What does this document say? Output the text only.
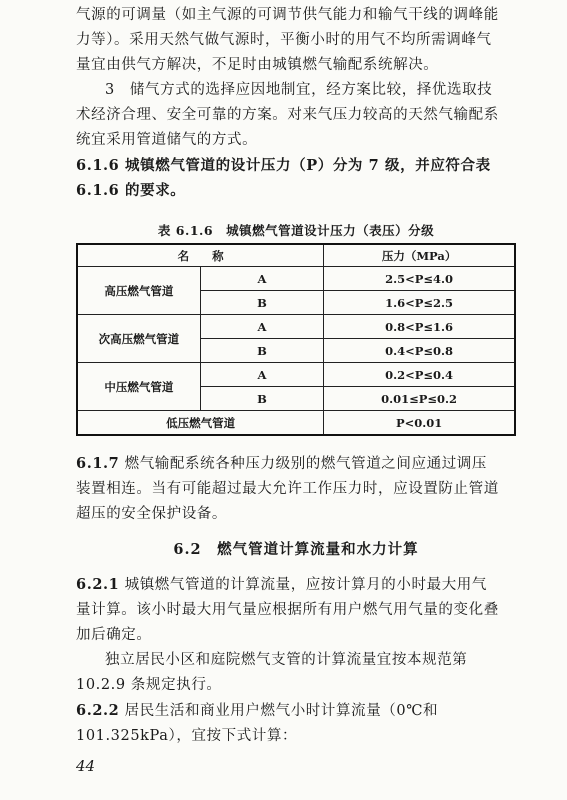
气源的可调量（如主气源的可调节供气能力和输气干线的调峰能

力等）。采用天然气做气源时，平衡小时的用气不均所需调峰气

量宜由供气方解决，不足时由城镇燃气输配系统解决。

3　储气方式的选择应因地制宜，经方案比较，择优选取技

术经济合理、安全可靠的方案。对来气压力较高的天然气输配系

统宜采用管道储气的方式。

6.1.6 城镇燃气管道的设计压力（P）分为 7 级，并应符合表

6.1.6 的要求。

表 6.1.6　城镇燃气管道设计压力（表压）分级
名　　称		压力（MPa）
高压燃气管道	A	2.5<P≤4.0
	B	1.6<P≤2.5
次高压燃气管道	A	0.8<P≤1.6
	B	0.4<P≤0.8
中压燃气管道	A	0.2<P≤0.4
	B	0.01≤P≤0.2
低压燃气管道		P<0.01

6.1.7 燃气输配系统各种压力级别的燃气管道之间应通过调压

装置相连。当有可能超过最大允许工作压力时，应设置防止管道

超压的安全保护设备。

6.2　燃气管道计算流量和水力计算

6.2.1 城镇燃气管道的计算流量，应按计算月的小时最大用气

量计算。该小时最大用气量应根据所有用户燃气用气量的变化叠

加后确定。

独立居民小区和庭院燃气支管的计算流量宜按本规范第

10.2.9 条规定执行。

6.2.2 居民生活和商业用户燃气小时计算流量（0℃和

101.325kPa），宜按下式计算：

44
